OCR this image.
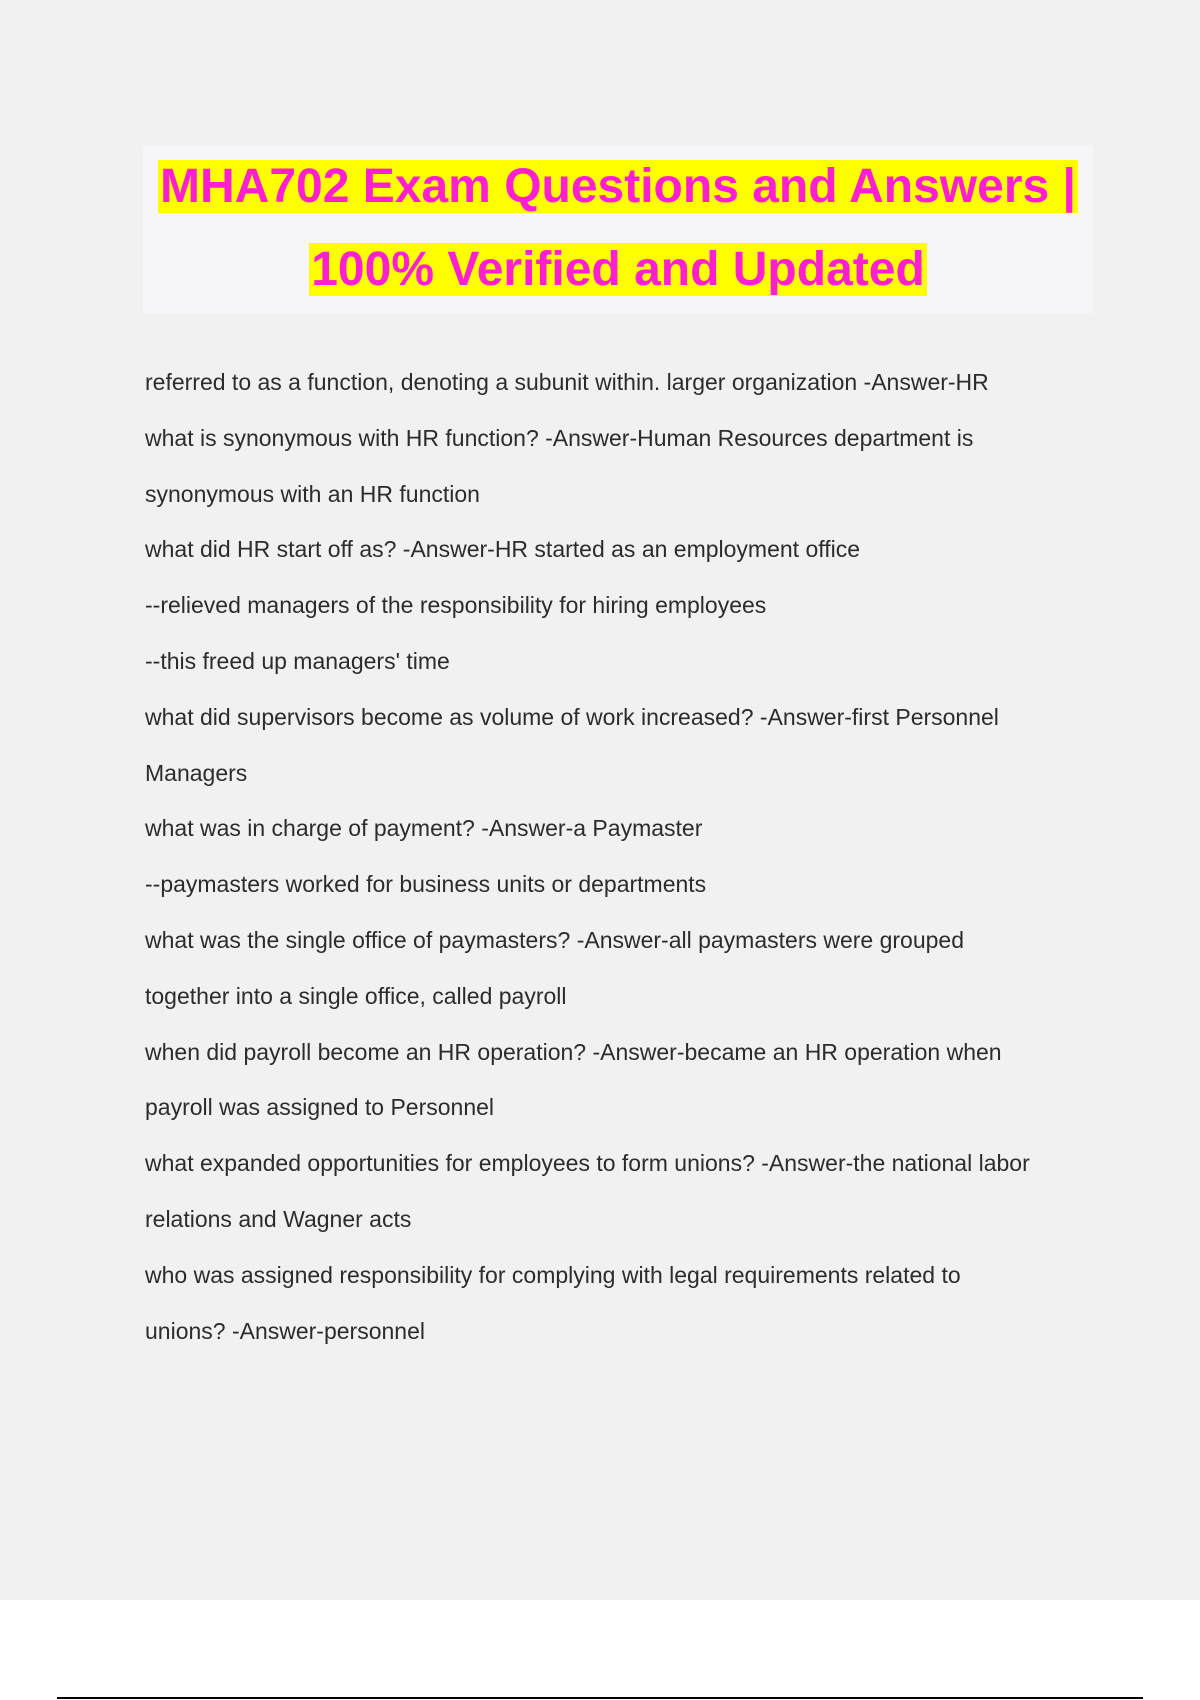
MHA702 Exam Questions and Answers |
100% Verified and Updated
referred to as a function, denoting a subunit within. larger organization -Answer-HR
what is synonymous with HR function? -Answer-Human Resources department is
synonymous with an HR function
what did HR start off as? -Answer-HR started as an employment office
--relieved managers of the responsibility for hiring employees
--this freed up managers' time
what did supervisors become as volume of work increased? -Answer-first Personnel
Managers
what was in charge of payment? -Answer-a Paymaster
--paymasters worked for business units or departments
what was the single office of paymasters? -Answer-all paymasters were grouped
together into a single office, called payroll
when did payroll become an HR operation? -Answer-became an HR operation when
payroll was assigned to Personnel
what expanded opportunities for employees to form unions? -Answer-the national labor
relations and Wagner acts
who was assigned responsibility for complying with legal requirements related to
unions? -Answer-personnel
